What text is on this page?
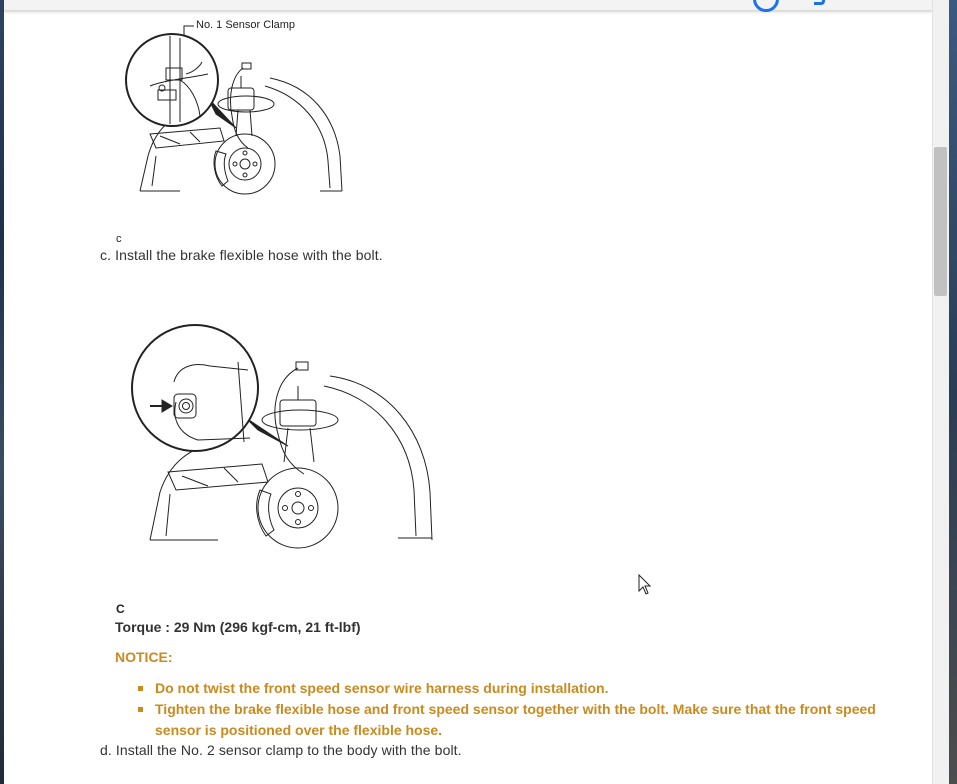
No. 1 Sensor Clamp
c
c. Install the brake flexible hose with the bolt.
C
Torque : 29 Nm (296 kgf-cm, 21 ft-lbf)
NOTICE:
Do not twist the front speed sensor wire harness during installation.
Tighten the brake flexible hose and front speed sensor together with the bolt. Make sure that the front speed sensor is positioned over the flexible hose.
d. Install the No. 2 sensor clamp to the body with the bolt.
